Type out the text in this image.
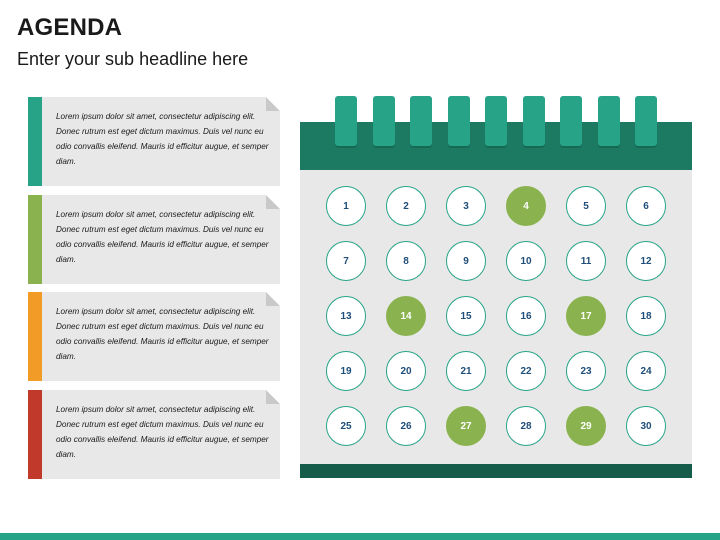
AGENDA
Enter your sub headline here
Lorem ipsum dolor sit amet, consectetur adipiscing elit. Donec rutrum est eget dictum maximus. Duis vel nunc eu odio convallis eleifend. Mauris id efficitur augue, et semper diam.
Lorem ipsum dolor sit amet, consectetur adipiscing elit. Donec rutrum est eget dictum maximus. Duis vel nunc eu odio convallis eleifend. Mauris id efficitur augue, et semper diam.
Lorem ipsum dolor sit amet, consectetur adipiscing elit. Donec rutrum est eget dictum maximus. Duis vel nunc eu odio convallis eleifend. Mauris id efficitur augue, et semper diam.
Lorem ipsum dolor sit amet, consectetur adipiscing elit. Donec rutrum est eget dictum maximus. Duis vel nunc eu odio convallis eleifend. Mauris id efficitur augue, et semper diam.
1	2	3	4	5	6
7	8	9	10	11	12
13	14	15	16	17	18
19	20	21	22	23	24
25	26	27	28	29	30
